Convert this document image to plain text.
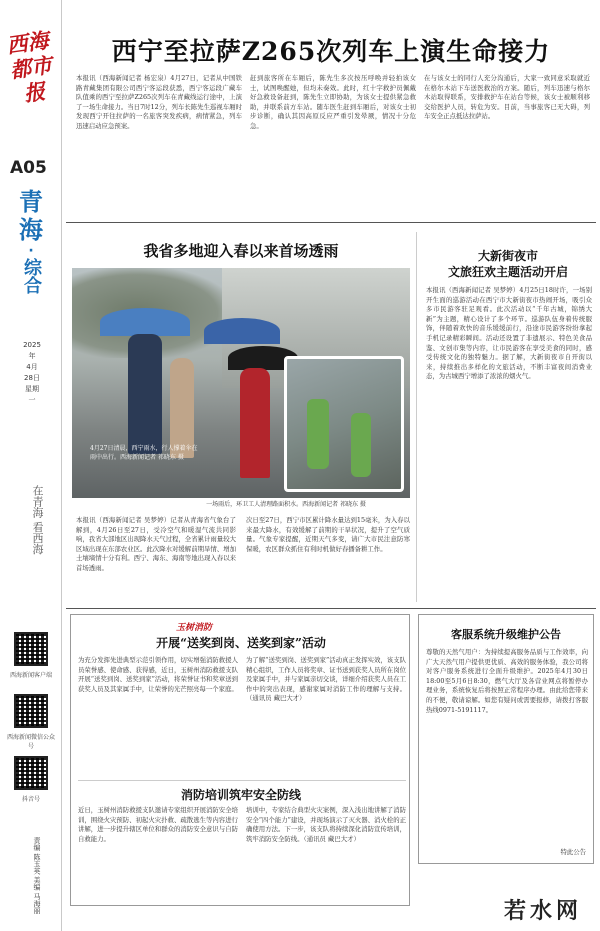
西海都市报
A05
青
海
·
综合
2025年
4月
28日
星期一
在青海 看西海
西海新闻客户端
西海新闻微信公众号
抖音号
责编 陈玉英 美编 马海丽
西宁至拉萨Z265次列车上演生命接力
本报讯（西海新闻记者 杨宏泉）4月27日，记者从中国铁路青藏集团有限公司西宁客运段获悉，西宁客运段广藏车队值乘的西宁至拉萨Z265次列车在青藏线运行途中，上演了一场生命接力。当日7时12分，列车长陈先生巡视车厢时发现西宁开往拉萨的一名旅客突发疾病，病情紧急，列车迅速启动应急预案。
赶到旅客所在车厢后，陈先生多次按压呼唤并轻拍该女士，试图唤醒她，但均未奏效。此时，红十字救护员佩戴好急救设备赶到，陈先生立即协助，为该女士提供紧急救助，并联系前方车站。随车医生赶到车厢后，对该女士初步诊断，确认其因高原反应严重引发晕厥，情况十分危急。
在与该女士的同行人充分沟通后，大家一致同意采取就近在格尔木站下车送医救治的方案。随后，列车迅速与格尔木站取得联系，安排救护车在站台等候，该女士被顺利移交给医护人员，转危为安。目前，当事旅客已无大碍，列车安全正点抵达拉萨站。
我省多地迎入春以来首场透雨
4月27日清晨，西宁雨水，行人撑着伞在雨中出行。西海新闻记者 祁晓东 摄
一场雨后，环卫工人清理路面积水。西海新闻记者 祁晓东 摄
本报讯（西海新闻记者 吴梦婷）记者从青海省气象台了解到，4月26日至27日，受冷空气和暖湿气流共同影响，我省大部地区出现降水天气过程，全省累计雨量较大区域出现在东部农业区。此次降水对缓解前期旱情、增加土壤墒情十分有利。西宁、海东、海南等地出现入春以来首场透雨。
次日至27日，西宁市区累计降水量达到15毫米，为入春以来最大降水，有效缓解了前期的干旱状况，提升了空气质量。气象专家提醒，近期天气多变，请广大市民注意防寒保暖，农区群众抓住有利时机做好春播备耕工作。
大新街夜市
文旅狂欢主题活动开启
本报讯（西海新闻记者 吴梦婷）4月25日18时许，一场别开生面的巡游活动在西宁市大新街夜市热闹开场，吸引众多市民游客驻足观看。此次活动以“千年古城，锦绣大新”为主题，精心设计了多个环节。巡游队伍身着传统服饰，伴随着欢快的音乐缓缓前行，沿途市民游客纷纷拿起手机记录精彩瞬间。活动还设置了非遗展示、特色美食品鉴、文创市集等内容，让市民游客在享受美食的同时，感受传统文化的独特魅力。据了解，大新街夜市自开街以来，持续推出多样化的文旅活动，不断丰富夜间消费业态，为古城西宁增添了浓浓的烟火气。
玉树消防
开展“送奖到岗、送奖到家”活动
为充分发挥先进典型示范引领作用，切实增强消防救援人员荣誉感、使命感、获得感，近日，玉树州消防救援支队开展“送奖到岗、送奖到家”活动，将荣誉证书和奖章送到获奖人员及其家属手中，让荣誉的光芒照亮每一个家庭。
为了解“送奖到岗、送奖到家”活动真正发挥实效，该支队精心组织，工作人员将奖章、证书送到获奖人员所在岗位及家属手中，并与家属亲切交谈，详细介绍获奖人员在工作中的突出表现，感谢家属对消防工作的理解与支持。（通讯员 藏巴大才）
消防培训筑牢安全防线
近日，玉树州消防救援支队邀请专家组织开展消防安全培训，围绕火灾预防、初起火灾扑救、疏散逃生等内容进行讲解，进一步提升辖区单位和群众的消防安全意识与自防自救能力。
培训中，专家结合典型火灾案例，深入浅出地讲解了消防安全“四个能力”建设，并现场演示了灭火器、消火栓的正确使用方法。下一步，该支队将持续深化消防宣传培训，筑牢消防安全防线。（通讯员 藏巴大才）
客服系统升级维护公告
尊敬的天然气用户：为持续提高服务品质与工作效率，向广大天然气用户提供更优质、高效的服务体验，我公司将对客户服务系统进行全面升级维护。2025年4月30日18:00至5月6日8:30，燃气大厅及各营业网点将暂停办理业务，系统恢复后将按照正常程序办理。由此给您带来的不便，敬请谅解。如您有疑问或需要报修，请拨打客服热线0971-5191117。
特此公告
若水网
